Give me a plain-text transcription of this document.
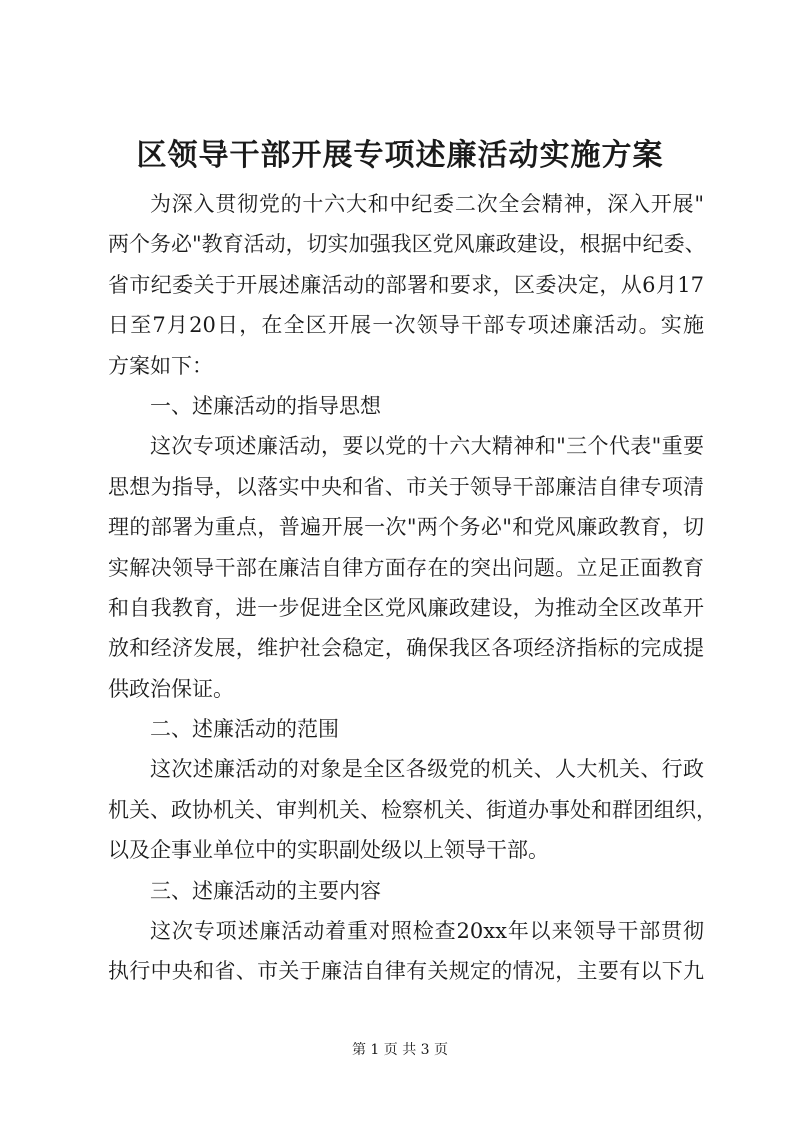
区领导干部开展专项述廉活动实施方案
为深入贯彻党的十六大和中纪委二次全会精神，深入开展"
两个务必"教育活动，切实加强我区党风廉政建设，根据中纪委、
省市纪委关于开展述廉活动的部署和要求，区委决定，从6月17
日至7月20日，在全区开展一次领导干部专项述廉活动。实施
方案如下：
一、述廉活动的指导思想
这次专项述廉活动，要以党的十六大精神和"三个代表"重要
思想为指导，以落实中央和省、市关于领导干部廉洁自律专项清
理的部署为重点，普遍开展一次"两个务必"和党风廉政教育，切
实解决领导干部在廉洁自律方面存在的突出问题。立足正面教育
和自我教育，进一步促进全区党风廉政建设，为推动全区改革开
放和经济发展，维护社会稳定，确保我区各项经济指标的完成提
供政治保证。
二、述廉活动的范围
这次述廉活动的对象是全区各级党的机关、人大机关、行政
机关、政协机关、审判机关、检察机关、街道办事处和群团组织，
以及企事业单位中的实职副处级以上领导干部。
三、述廉活动的主要内容
这次专项述廉活动着重对照检查20xx年以来领导干部贯彻
执行中央和省、市关于廉洁自律有关规定的情况，主要有以下九
第 1 页 共 3 页
